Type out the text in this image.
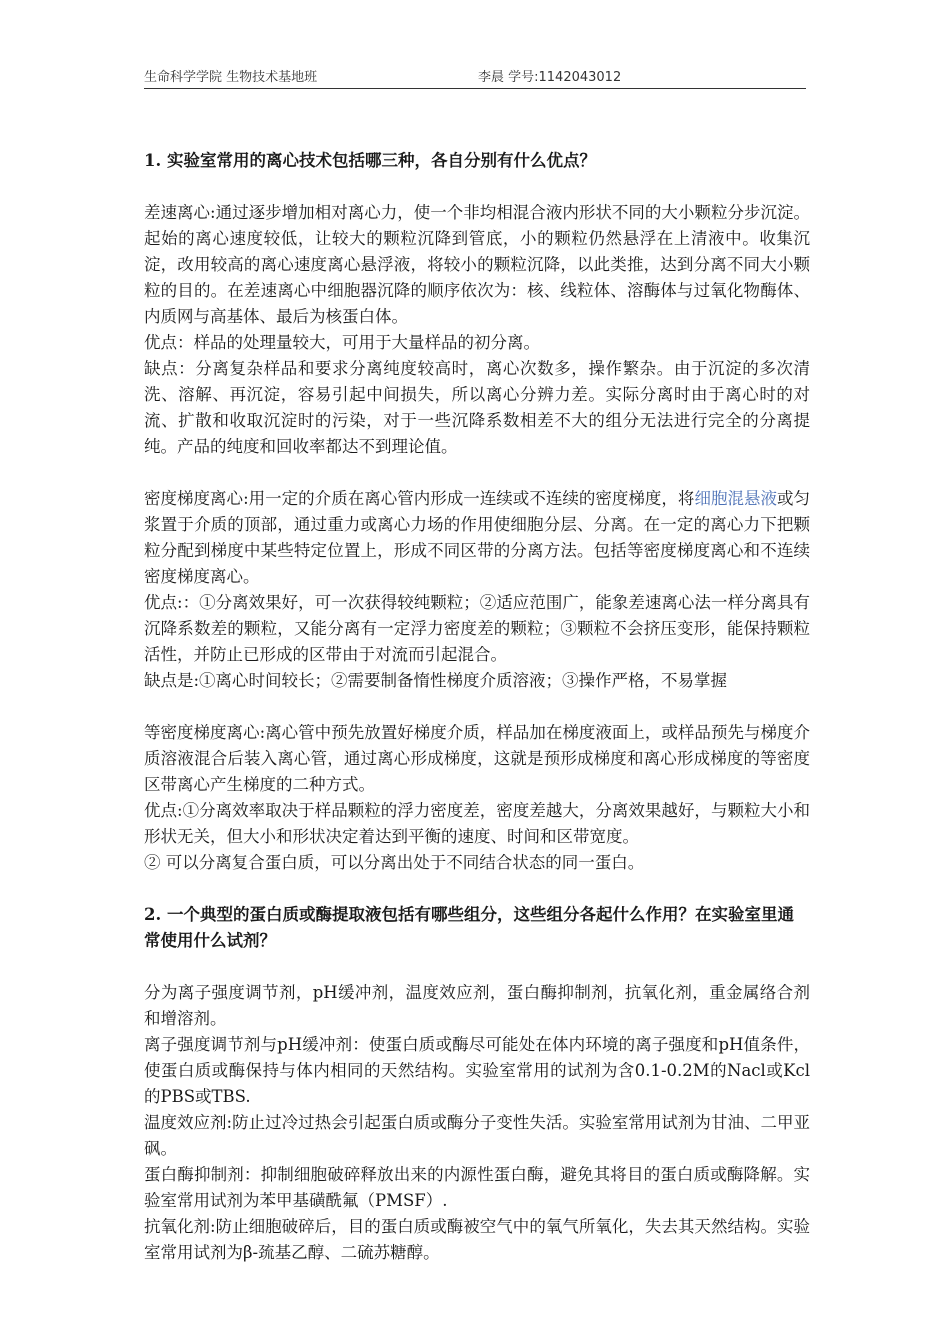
生命科学学院 生物技术基地班	李晨 学号:1142043012

1. 实验室常用的离心技术包括哪三种，各自分别有什么优点？

差速离心:通过逐步增加相对离心力，使一个非均相混合液内形状不同的大小颗粒分步沉淀。起始的离心速度较低，让较大的颗粒沉降到管底，小的颗粒仍然悬浮在上清液中。收集沉淀，改用较高的离心速度离心悬浮液，将较小的颗粒沉降，以此类推，达到分离不同大小颗粒的目的。在差速离心中细胞器沉降的顺序依次为：核、线粒体、溶酶体与过氧化物酶体、内质网与高基体、最后为核蛋白体。

优点：样品的处理量较大，可用于大量样品的初分离。

缺点：分离复杂样品和要求分离纯度较高时，离心次数多，操作繁杂。由于沉淀的多次清洗、溶解、再沉淀，容易引起中间损失，所以离心分辨力差。实际分离时由于离心时的对流、扩散和收取沉淀时的污染，对于一些沉降系数相差不大的组分无法进行完全的分离提纯。产品的纯度和回收率都达不到理论值。

密度梯度离心:用一定的介质在离心管内形成一连续或不连续的密度梯度，将细胞混悬液或匀浆置于介质的顶部，通过重力或离心力场的作用使细胞分层、分离。在一定的离心力下把颗粒分配到梯度中某些特定位置上，形成不同区带的分离方法。包括等密度梯度离心和不连续密度梯度离心。

优点:：①分离效果好，可一次获得较纯颗粒；②适应范围广，能象差速离心法一样分离具有沉降系数差的颗粒，又能分离有一定浮力密度差的颗粒；③颗粒不会挤压变形，能保持颗粒活性，并防止已形成的区带由于对流而引起混合。

缺点是:①离心时间较长；②需要制备惰性梯度介质溶液；③操作严格，不易掌握

等密度梯度离心:离心管中预先放置好梯度介质，样品加在梯度液面上，或样品预先与梯度介质溶液混合后装入离心管，通过离心形成梯度，这就是预形成梯度和离心形成梯度的等密度区带离心产生梯度的二种方式。

优点:①分离效率取决于样品颗粒的浮力密度差，密度差越大，分离效果越好，与颗粒大小和形状无关，但大小和形状决定着达到平衡的速度、时间和区带宽度。

② 可以分离复合蛋白质，可以分离出处于不同结合状态的同一蛋白。

2. 一个典型的蛋白质或酶提取液包括有哪些组分，这些组分各起什么作用？在实验室里通常使用什么试剂？

分为离子强度调节剂，pH缓冲剂，温度效应剂，蛋白酶抑制剂，抗氧化剂，重金属络合剂和增溶剂。

离子强度调节剂与pH缓冲剂：使蛋白质或酶尽可能处在体内环境的离子强度和pH值条件，使蛋白质或酶保持与体内相同的天然结构。实验室常用的试剂为含0.1-0.2M的Nacl或Kcl的PBS或TBS.

温度效应剂:防止过冷过热会引起蛋白质或酶分子变性失活。实验室常用试剂为甘油、二甲亚砜。

蛋白酶抑制剂：抑制细胞破碎释放出来的内源性蛋白酶，避免其将目的蛋白质或酶降解。实验室常用试剂为苯甲基磺酰氟（PMSF）.

抗氧化剂:防止细胞破碎后，目的蛋白质或酶被空气中的氧气所氧化，失去其天然结构。实验室常用试剂为β-巯基乙醇、二硫苏糖醇。
